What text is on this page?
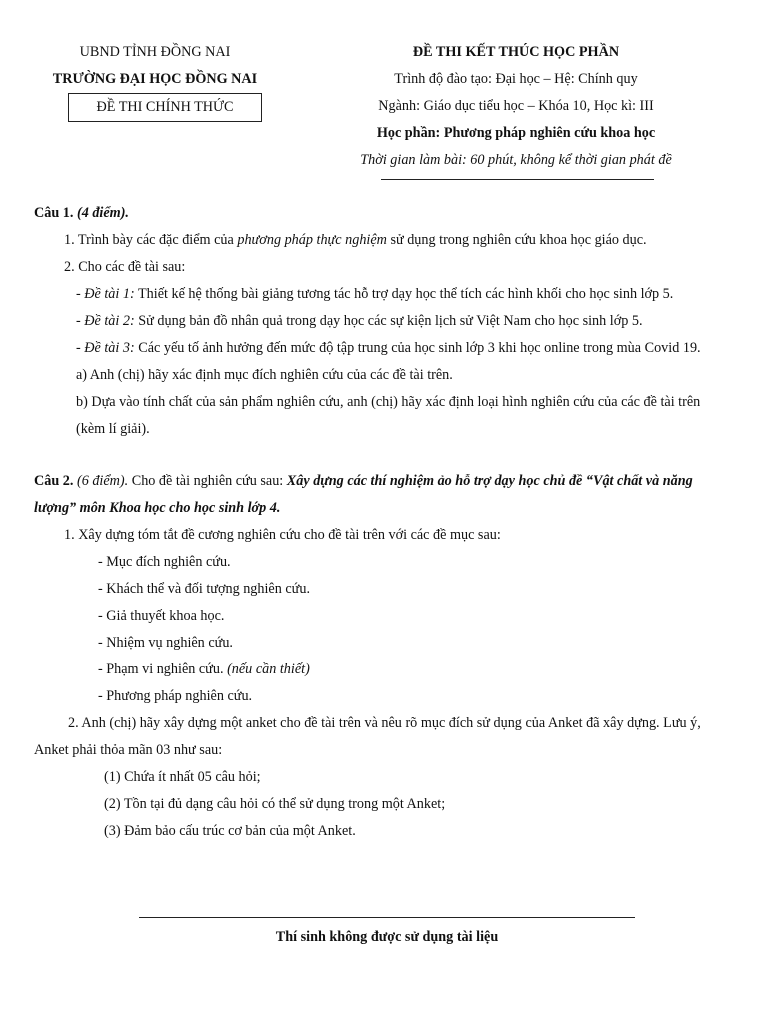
UBND TỈNH ĐỒNG NAI
TRƯỜNG ĐẠI HỌC ĐỒNG NAI
ĐỀ THI CHÍNH THỨC
ĐỀ THI KẾT THÚC HỌC PHẦN
Trình độ đào tạo: Đại học – Hệ: Chính quy
Ngành: Giáo dục tiểu học – Khóa 10, Học kì: III
Học phần: Phương pháp nghiên cứu khoa học
Thời gian làm bài: 60 phút, không kể thời gian phát đề
Câu 1. (4 điểm).
1. Trình bày các đặc điểm của phương pháp thực nghiệm sử dụng trong nghiên cứu khoa học giáo dục.
2. Cho các đề tài sau:
- Đề tài 1: Thiết kế hệ thống bài giảng tương tác hỗ trợ dạy học thể tích các hình khối cho học sinh lớp 5.
- Đề tài 2: Sử dụng bản đồ nhân quả trong dạy học các sự kiện lịch sử Việt Nam cho học sinh lớp 5.
- Đề tài 3: Các yếu tố ảnh hưởng đến mức độ tập trung của học sinh lớp 3 khi học online trong mùa Covid 19.
a) Anh (chị) hãy xác định mục đích nghiên cứu của các đề tài trên.
b) Dựa vào tính chất của sản phẩm nghiên cứu, anh (chị) hãy xác định loại hình nghiên cứu của các đề tài trên
(kèm lí giải).
Câu 2. (6 điểm). Cho đề tài nghiên cứu sau: Xây dựng các thí nghiệm ảo hỗ trợ dạy học chủ đề “Vật chất và năng
lượng” môn Khoa học cho học sinh lớp 4.
1. Xây dựng tóm tắt đề cương nghiên cứu cho đề tài trên với các đề mục sau:
- Mục đích nghiên cứu.
- Khách thể và đối tượng nghiên cứu.
- Giả thuyết khoa học.
- Nhiệm vụ nghiên cứu.
- Phạm vi nghiên cứu. (nếu cần thiết)
- Phương pháp nghiên cứu.
2. Anh (chị) hãy xây dựng một anket cho đề tài trên và nêu rõ mục đích sử dụng của Anket đã xây dựng. Lưu ý,
Anket phải thỏa mãn 03 như sau:
(1) Chứa ít nhất 05 câu hỏi;
(2) Tồn tại đủ dạng câu hỏi có thể sử dụng trong một Anket;
(3) Đảm bảo cấu trúc cơ bản của một Anket.
Thí sinh không được sử dụng tài liệu
